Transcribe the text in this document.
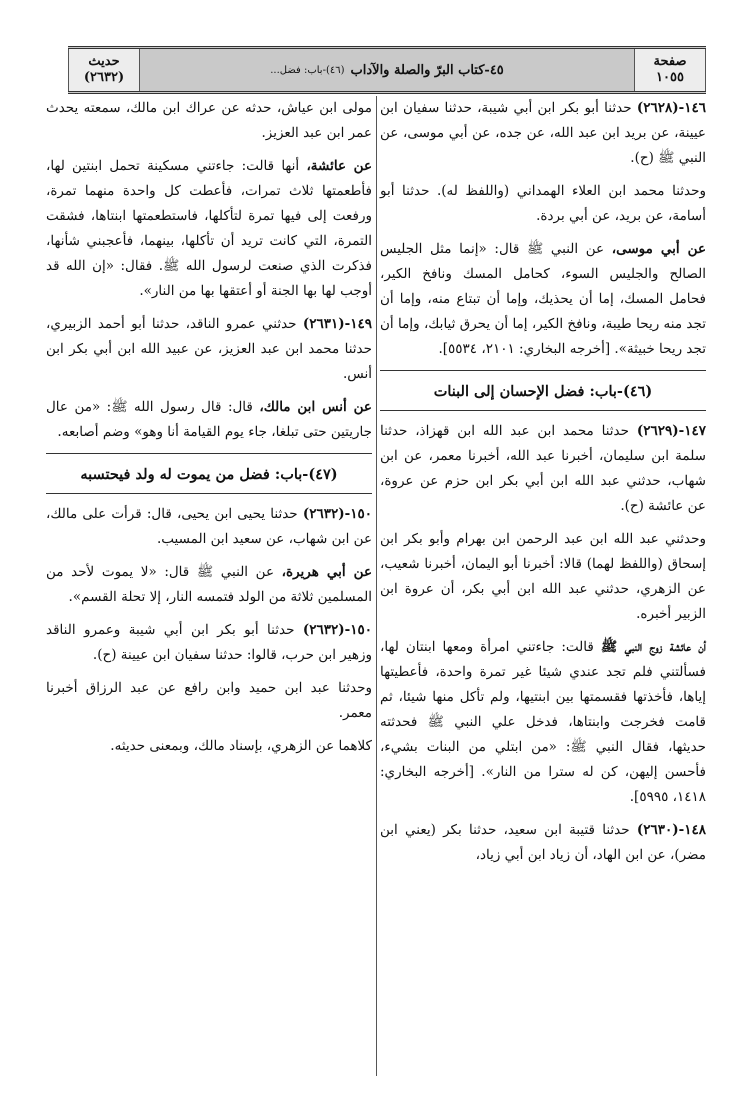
صفحة
١٠٥٥
٤٥-كتاب البرّ والصلة والآداب
(٤٦)-باب: فضل...
حديث
(٢٦٣٢)

١٤٦-(٢٦٢٨) حدثنا أبو بكر ابن أبي شيبة، حدثنا سفيان ابن عيينة، عن بريد ابن عبد الله، عن جده، عن أبي موسى، عن النبي ﷺ (ح).

وحدثنا محمد ابن العلاء الهمداني (واللفظ له). حدثنا أبو أسامة، عن بريد، عن أبي بردة.

عن أبي موسى، عن النبي ﷺ قال: «إنما مثل الجليس الصالح والجليس السوء، كحامل المسك ونافخ الكير، فحامل المسك، إما أن يحذيك، وإما أن تبتاع منه، وإما أن تجد منه ريحا طيبة، ونافخ الكير، إما أن يحرق ثيابك، وإما أن تجد ريحا خبيثة». [أخرجه البخاري: ٢١٠١، ٥٥٣٤].

(٤٦)-باب: فضل الإحسان إلى البنات

١٤٧-(٢٦٢٩) حدثنا محمد ابن عبد الله ابن قهزاذ، حدثنا سلمة ابن سليمان، أخبرنا عبد الله، أخبرنا معمر، عن ابن شهاب، حدثني عبد الله ابن أبي بكر ابن حزم عن عروة، عن عائشة (ح).

وحدثني عبد الله ابن عبد الرحمن ابن بهرام وأبو بكر ابن إسحاق (واللفظ لهما) قالا: أخبرنا أبو اليمان، أخبرنا شعيب، عن الزهري، حدثني عبد الله ابن أبي بكر، أن عروة ابن الزبير أخبره.

أن عائشة زوج النبي ﷺ قالت: جاءتني امرأة ومعها ابنتان لها، فسألتني فلم تجد عندي شيئا غير تمرة واحدة، فأعطيتها إياها، فأخذتها فقسمتها بين ابنتيها، ولم تأكل منها شيئا، ثم قامت فخرجت وابنتاها، فدخل علي النبي ﷺ فحدثته حديثها، فقال النبي ﷺ: «من ابتلي من البنات بشيء، فأحسن إليهن، كن له سترا من النار». [أخرجه البخاري: ١٤١٨، ٥٩٩٥].

١٤٨-(٢٦٣٠) حدثنا قتيبة ابن سعيد، حدثنا بكر (يعني ابن مضر)، عن ابن الهاد، أن زياد ابن أبي زياد،

مولى ابن عياش، حدثه عن عراك ابن مالك، سمعته يحدث عمر ابن عبد العزيز.

عن عائشة، أنها قالت: جاءتني مسكينة تحمل ابنتين لها، فأطعمتها ثلاث تمرات، فأعطت كل واحدة منهما تمرة، ورفعت إلى فيها تمرة لتأكلها، فاستطعمتها ابنتاها، فشقت التمرة، التي كانت تريد أن تأكلها، بينهما، فأعجبني شأنها، فذكرت الذي صنعت لرسول الله ﷺ. فقال: «إن الله قد أوجب لها بها الجنة أو أعتقها بها من النار».

١٤٩-(٢٦٣١) حدثني عمرو الناقد، حدثنا أبو أحمد الزبيري، حدثنا محمد ابن عبد العزيز، عن عبيد الله ابن أبي بكر ابن أنس.

عن أنس ابن مالك، قال: قال رسول الله ﷺ: «من عال جاريتين حتى تبلغا، جاء يوم القيامة أنا وهو» وضم أصابعه.

(٤٧)-باب: فضل من يموت له ولد فيحتسبه

١٥٠-(٢٦٣٢) حدثنا يحيى ابن يحيى، قال: قرأت على مالك، عن ابن شهاب، عن سعيد ابن المسيب.

عن أبي هريرة، عن النبي ﷺ قال: «لا يموت لأحد من المسلمين ثلاثة من الولد فتمسه النار، إلا تحلة القسم».

١٥٠-(٢٦٣٢) حدثنا أبو بكر ابن أبي شيبة وعمرو الناقد وزهير ابن حرب، قالوا: حدثنا سفيان ابن عيينة (ح).

وحدثنا عبد ابن حميد وابن رافع عن عبد الرزاق أخبرنا معمر.

كلاهما عن الزهري، بإسناد مالك، وبمعنى حديثه.
